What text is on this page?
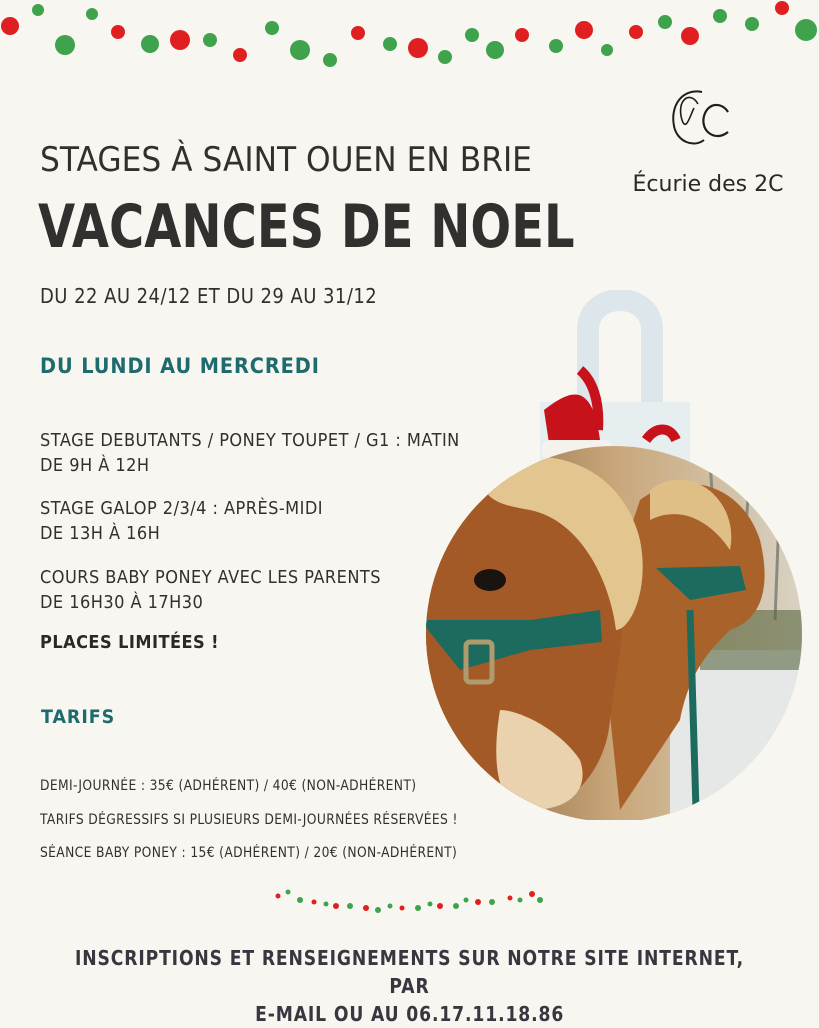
STAGES À SAINT OUEN EN BRIE
VACANCES DE NOEL
DU 22 AU 24/12 ET DU 29 AU 31/12
DU LUNDI AU MERCREDI
STAGE DEBUTANTS / PONEY TOUPET / G1 : MATIN
DE 9H À 12H
STAGE GALOP 2/3/4 : APRÈS-MIDI
DE 13H À 16H
COURS BABY PONEY AVEC LES PARENTS
DE 16H30 À 17H30
PLACES LIMITÉES !
TARIFS
DEMI-JOURNÉE : 35€ (ADHÉRENT) / 40€ (NON-ADHÉRENT)
TARIFS DÉGRESSIFS SI PLUSIEURS DEMI-JOURNÉES RÉSERVÉES !
SÉANCE BABY PONEY : 15€ (ADHÉRENT) / 20€ (NON-ADHÉRENT)
INSCRIPTIONS ET RENSEIGNEMENTS SUR NOTRE SITE INTERNET, PAR
E-MAIL OU AU 06.17.11.18.86
Écurie des 2C
